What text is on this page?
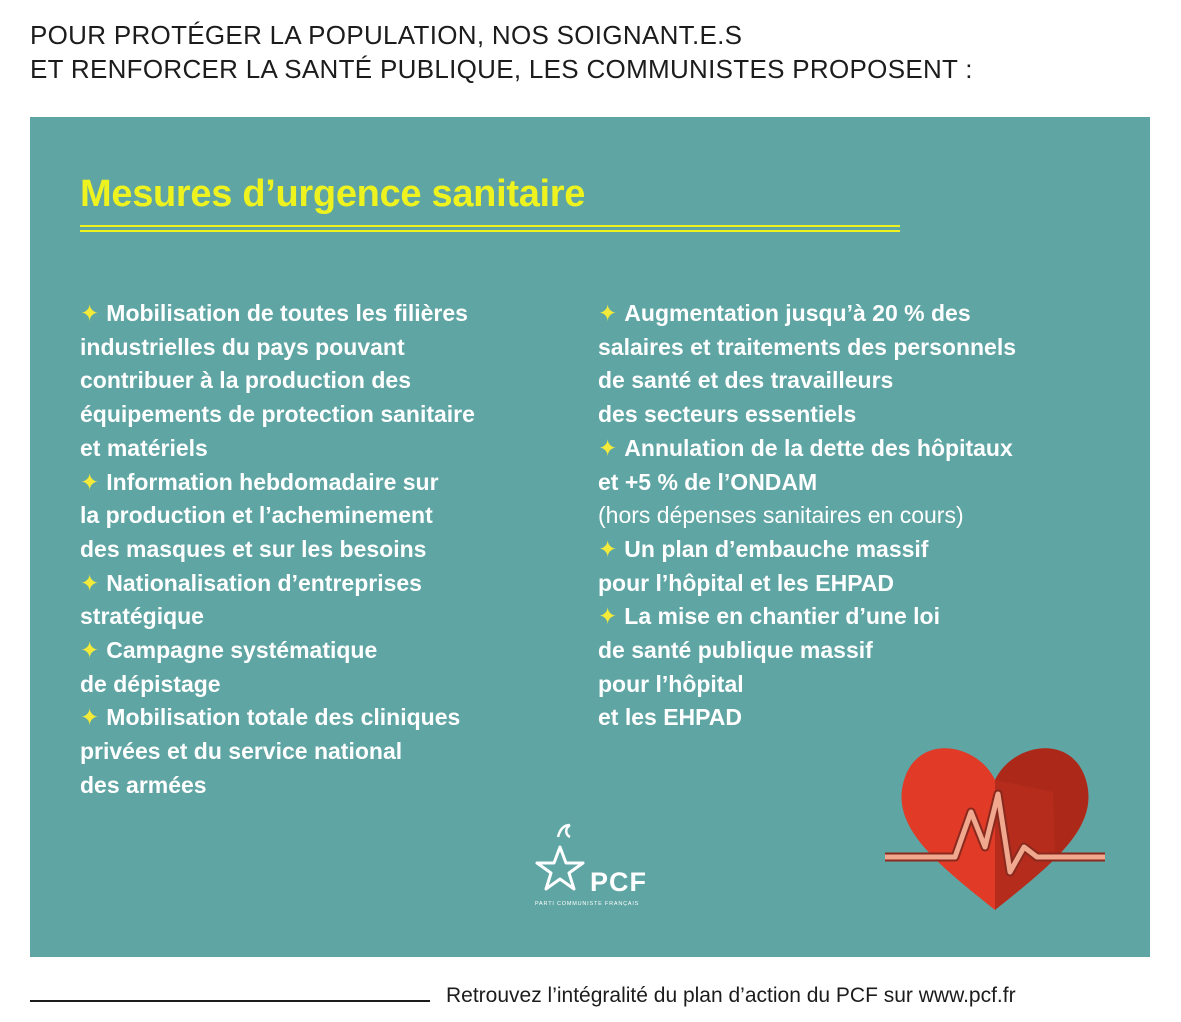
POUR PROTÉGER LA POPULATION, NOS SOIGNANT.E.S
ET RENFORCER LA SANTÉ PUBLIQUE, LES COMMUNISTES PROPOSENT :
Mesures d’urgence sanitaire
✦ Mobilisation de toutes les filières
industrielles du pays pouvant
contribuer à la production des
équipements de protection sanitaire
et matériels
✦ Information hebdomadaire sur
la production et l’acheminement
des masques et sur les besoins
✦ Nationalisation d’entreprises
stratégique
✦ Campagne systématique
de dépistage
✦ Mobilisation totale des cliniques
privées et du service national
des armées
✦ Augmentation jusqu’à 20 % des
salaires et traitements des personnels
de santé et des travailleurs
des secteurs essentiels
✦ Annulation de la dette des hôpitaux
et +5 % de l’ONDAM
(hors dépenses sanitaires en cours)
✦ Un plan d’embauche massif
pour l’hôpital et les EHPAD
✦ La mise en chantier d’une loi
de santé publique massif
pour l’hôpital
et les EHPAD
PCF
PARTI COMMUNISTE FRANÇAIS
Retrouvez l’intégralité du plan d’action du PCF sur www.pcf.fr
